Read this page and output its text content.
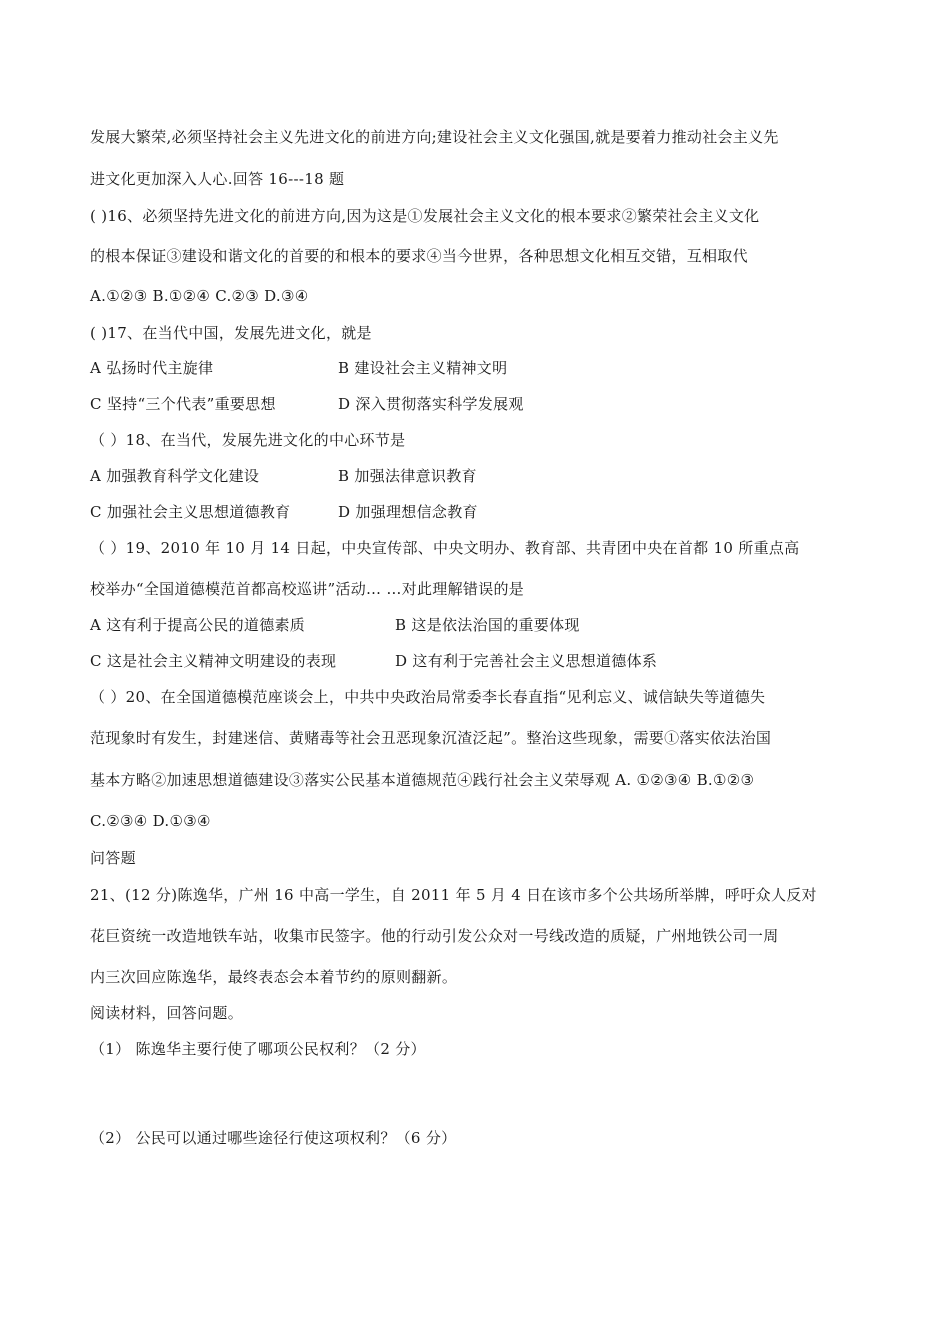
发展大繁荣,必须坚持社会主义先进文化的前进方向;建设社会主义文化强国,就是要着力推动社会主义先
进文化更加深入人心.回答 16---18 题
( )16、必须坚持先进文化的前进方向,因为这是①发展社会主义文化的根本要求②繁荣社会主义文化
的根本保证③建设和谐文化的首要的和根本的要求④当今世界，各种思想文化相互交错，互相取代
A.①②③ B.①②④ C.②③ D.③④
( )17、在当代中国，发展先进文化，就是
A 弘扬时代主旋律	B 建设社会主义精神文明
C 坚持“三个代表”重要思想	D 深入贯彻落实科学发展观
（ ）18、在当代，发展先进文化的中心环节是
A 加强教育科学文化建设	B 加强法律意识教育
C 加强社会主义思想道德教育	D 加强理想信念教育
（ ）19、2010 年 10 月 14 日起，中央宣传部、中央文明办、教育部、共青团中央在首都 10 所重点高
校举办“全国道德模范首都高校巡讲”活动… …对此理解错误的是
A 这有利于提高公民的道德素质	B 这是依法治国的重要体现
C 这是社会主义精神文明建设的表现	D 这有利于完善社会主义思想道德体系
（ ）20、在全国道德模范座谈会上，中共中央政治局常委李长春直指“见利忘义、诚信缺失等道德失
范现象时有发生，封建迷信、黄赌毒等社会丑恶现象沉渣泛起”。整治这些现象，需要①落实依法治国
基本方略②加速思想道德建设③落实公民基本道德规范④践行社会主义荣辱观 A. ①②③④ B.①②③
C.②③④ D.①③④
问答题
21、(12 分)陈逸华，广州 16 中高一学生，自 2011 年 5 月 4 日在该市多个公共场所举牌，呼吁众人反对
花巨资统一改造地铁车站，收集市民签字。他的行动引发公众对一号线改造的质疑，广州地铁公司一周
内三次回应陈逸华，最终表态会本着节约的原则翻新。
阅读材料，回答问题。
（1） 陈逸华主要行使了哪项公民权利？（2 分）
（2） 公民可以通过哪些途径行使这项权利？（6 分）
